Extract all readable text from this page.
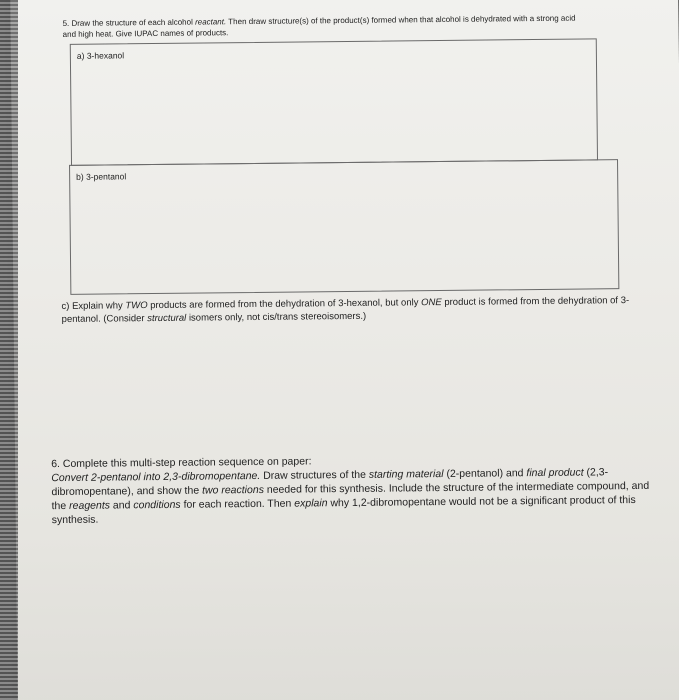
5. Draw the structure of each alcohol reactant. Then draw structure(s) of the product(s) formed when that alcohol is dehydrated with a strong acid and high heat. Give IUPAC names of products.
a) 3-hexanol
b) 3-pentanol
c) Explain why TWO products are formed from the dehydration of 3-hexanol, but only ONE product is formed from the dehydration of 3-pentanol. (Consider structural isomers only, not cis/trans stereoisomers.)
6. Complete this multi-step reaction sequence on paper:
Convert 2-pentanol into 2,3-dibromopentane. Draw structures of the starting material (2-pentanol) and final product (2,3-dibromopentane), and show the two reactions needed for this synthesis. Include the structure of the intermediate compound, and the reagents and conditions for each reaction. Then explain why 1,2-dibromopentane would not be a significant product of this synthesis.
